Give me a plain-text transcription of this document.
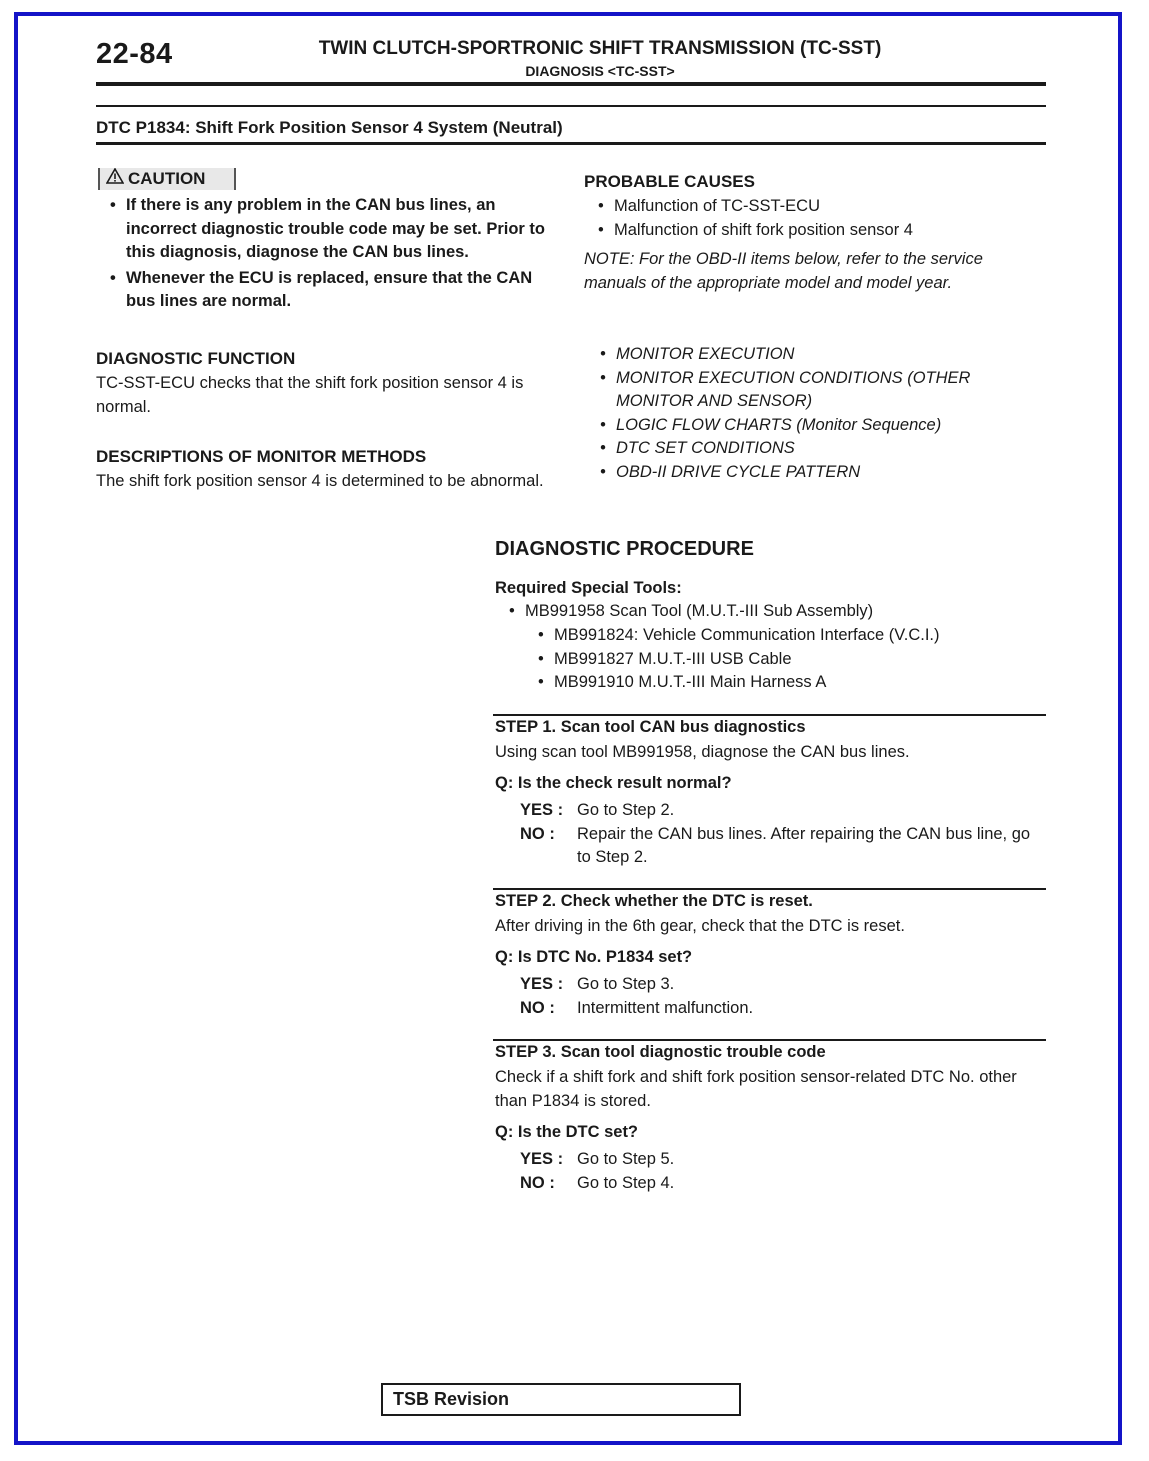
22-84	TWIN CLUTCH-SPORTRONIC SHIFT TRANSMISSION (TC-SST)
DIAGNOSIS <TC-SST>
DTC P1834: Shift Fork Position Sensor 4 System (Neutral)
CAUTION
• If there is any problem in the CAN bus lines, an incorrect diagnostic trouble code may be set. Prior to this diagnosis, diagnose the CAN bus lines.
• Whenever the ECU is replaced, ensure that the CAN bus lines are normal.
DIAGNOSTIC FUNCTION
TC-SST-ECU checks that the shift fork position sensor 4 is normal.
DESCRIPTIONS OF MONITOR METHODS
The shift fork position sensor 4 is determined to be abnormal.
PROBABLE CAUSES
• Malfunction of TC-SST-ECU
• Malfunction of shift fork position sensor 4
NOTE: For the OBD-II items below, refer to the service manuals of the appropriate model and model year.
• MONITOR EXECUTION
• MONITOR EXECUTION CONDITIONS (OTHER MONITOR AND SENSOR)
• LOGIC FLOW CHARTS (Monitor Sequence)
• DTC SET CONDITIONS
• OBD-II DRIVE CYCLE PATTERN
DIAGNOSTIC PROCEDURE
Required Special Tools:
• MB991958 Scan Tool (M.U.T.-III Sub Assembly)
• MB991824: Vehicle Communication Interface (V.C.I.)
• MB991827 M.U.T.-III USB Cable
• MB991910 M.U.T.-III Main Harness A
STEP 1. Scan tool CAN bus diagnostics
Using scan tool MB991958, diagnose the CAN bus lines.
Q: Is the check result normal?
YES : Go to Step 2.
NO :	Repair the CAN bus lines. After repairing the CAN bus line, go to Step 2.
STEP 2. Check whether the DTC is reset.
After driving in the 6th gear, check that the DTC is reset.
Q: Is DTC No. P1834 set?
YES : Go to Step 3.
NO :	Intermittent malfunction.
STEP 3. Scan tool diagnostic trouble code
Check if a shift fork and shift fork position sensor-related DTC No. other than P1834 is stored.
Q: Is the DTC set?
YES : Go to Step 5.
NO :	Go to Step 4.
TSB Revision
